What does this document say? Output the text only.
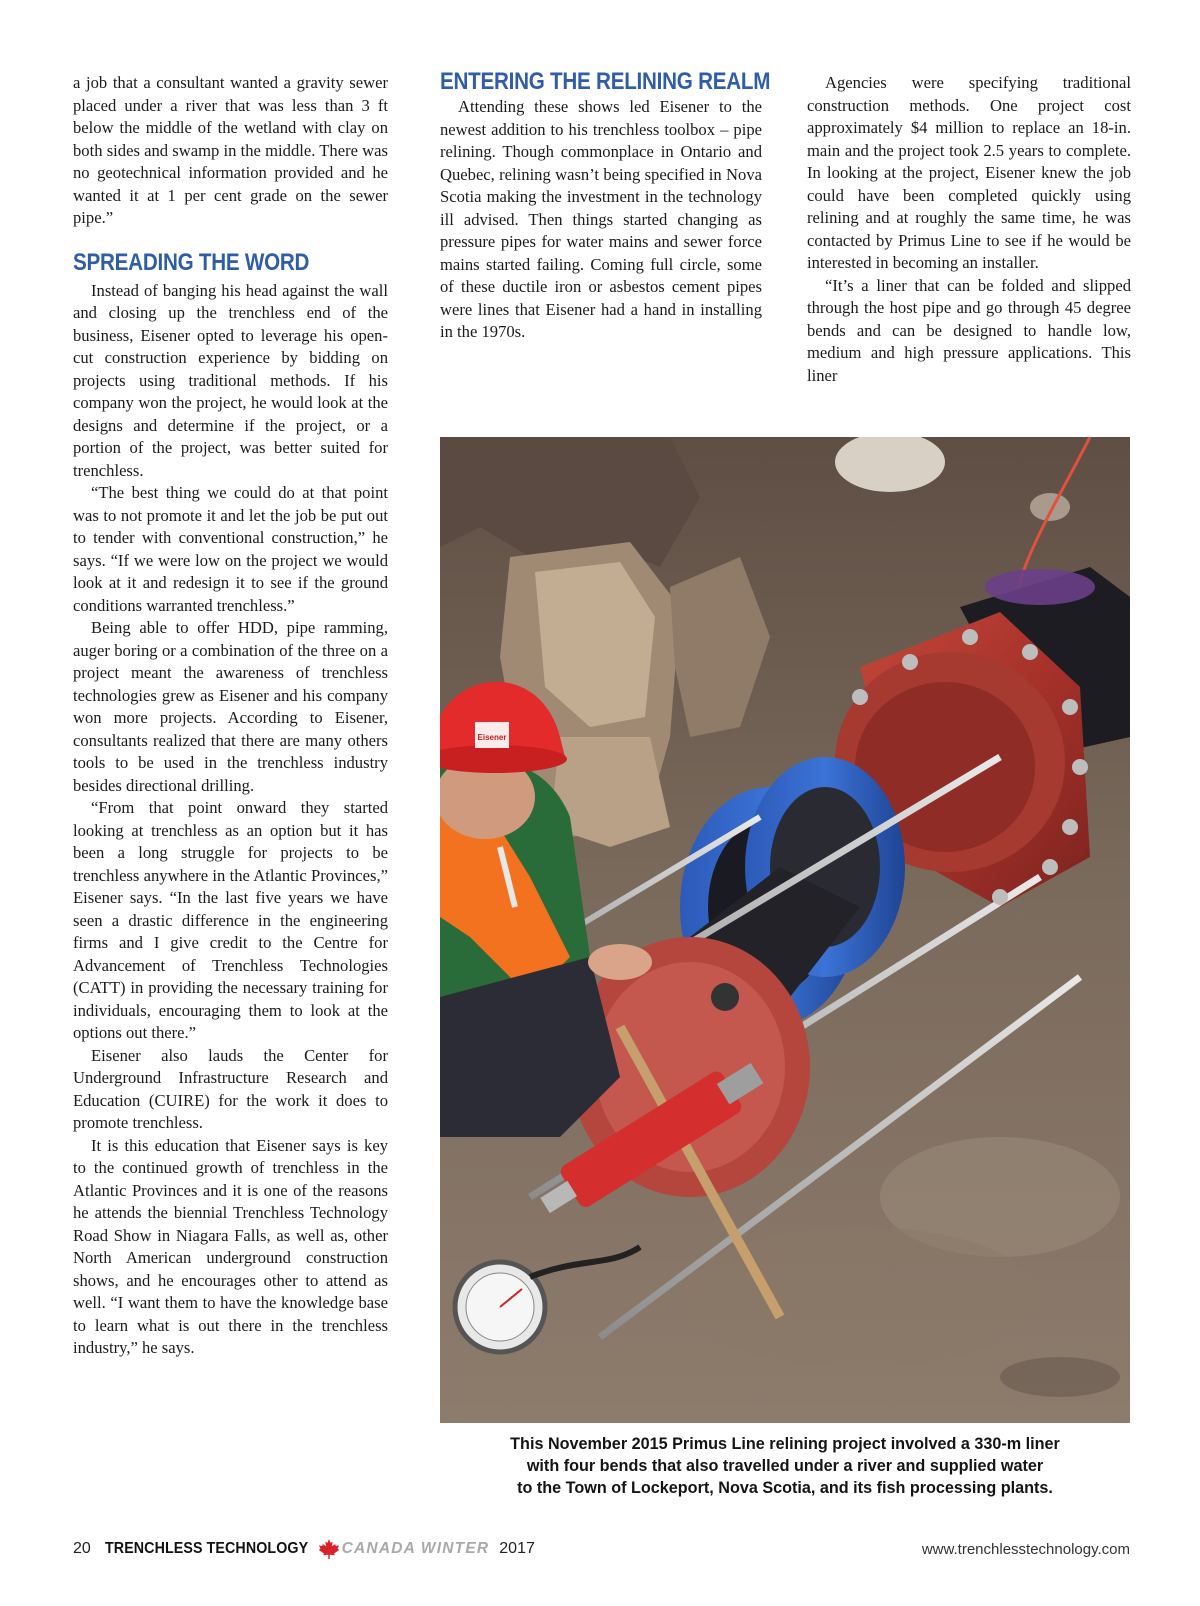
a job that a consultant wanted a gravity sewer placed under a river that was less than 3 ft below the middle of the wetland with clay on both sides and swamp in the middle. There was no geotechnical information provided and he wanted it at 1 per cent grade on the sewer pipe.”

SPREADING THE WORD

Instead of banging his head against the wall and closing up the trenchless end of the business, Eisener opted to leverage his open-cut construction experience by bidding on projects using traditional methods. If his company won the project, he would look at the designs and determine if the project, or a portion of the project, was better suited for trenchless.

“The best thing we could do at that point was to not promote it and let the job be put out to tender with conventional construction,” he says. “If we were low on the project we would look at it and redesign it to see if the ground conditions warranted trenchless.”

Being able to offer HDD, pipe ramming, auger boring or a combination of the three on a project meant the awareness of trenchless technologies grew as Eisener and his company won more projects. According to Eisener, consultants realized that there are many others tools to be used in the trenchless industry besides directional drilling.

“From that point onward they started looking at trenchless as an option but it has been a long struggle for projects to be trenchless anywhere in the Atlantic Provinces,” Eisener says. “In the last five years we have seen a drastic difference in the engineering firms and I give credit to the Centre for Advancement of Trenchless Technologies (CATT) in providing the necessary training for individuals, encouraging them to look at the options out there.”

Eisener also lauds the Center for Underground Infrastructure Research and Education (CUIRE) for the work it does to promote trenchless.

It is this education that Eisener says is key to the continued growth of trenchless in the Atlantic Provinces and it is one of the reasons he attends the biennial Trenchless Technology Road Show in Niagara Falls, as well as, other North American underground construction shows, and he encourages other to attend as well. “I want them to have the knowledge base to learn what is out there in the trenchless industry,” he says.

ENTERING THE RELINING REALM

Attending these shows led Eisener to the newest addition to his trenchless toolbox – pipe relining. Though commonplace in Ontario and Quebec, relining wasn’t being specified in Nova Scotia making the investment in the technology ill advised. Then things started changing as pressure pipes for water mains and sewer force mains started failing. Coming full circle, some of these ductile iron or asbestos cement pipes were lines that Eisener had a hand in installing in the 1970s.

Agencies were specifying traditional construction methods. One project cost approximately $4 million to replace an 18-in. main and the project took 2.5 years to complete. In looking at the project, Eisener knew the job could have been completed quickly using relining and at roughly the same time, he was contacted by Primus Line to see if he would be interested in becoming an installer.

“It’s a liner that can be folded and slipped through the host pipe and go through 45 degree bends and can be designed to handle low, medium and high pressure applications. This liner

Eisener
This November 2015 Primus Line relining project involved a 330-m liner
with four bends that also travelled under a river and supplied water
to the Town of Lockeport, Nova Scotia, and its fish processing plants.
20 TRENCHLESS TECHNOLOGY CANADA WINTER 2017	www.trenchlesstechnology.com
